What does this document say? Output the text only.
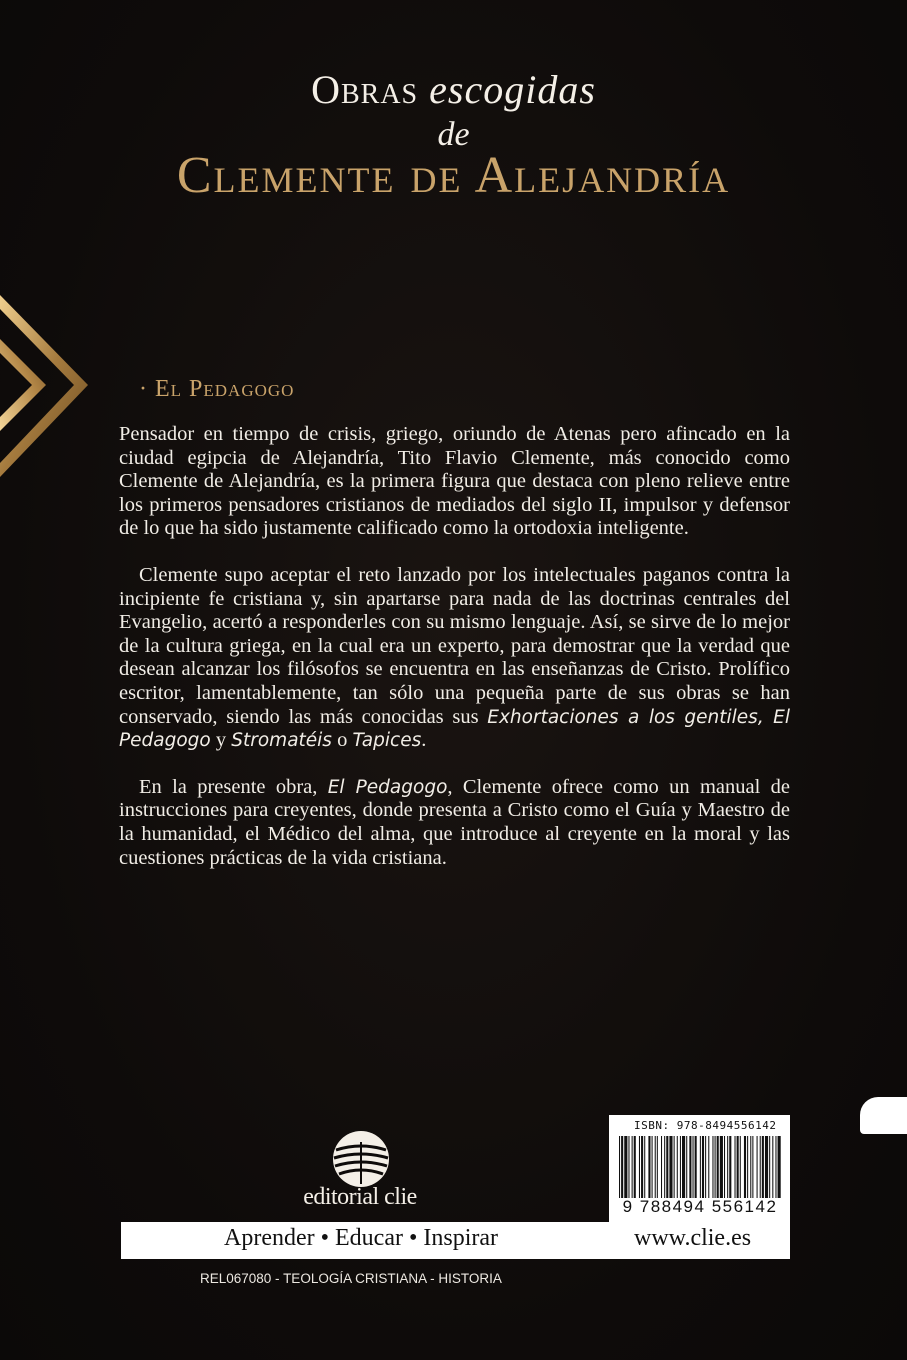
Obras escogidas
de
Clemente de Alejandría
· El Pedagogo

Pensador en tiempo de crisis, griego, oriundo de Atenas pero afincado en la ciudad egipcia de Alejandría, Tito Flavio Clemente, más conocido como Clemente de Alejandría, es la primera figura que destaca con pleno relieve entre los primeros pensadores cristianos de mediados del siglo II, impulsor y defensor de lo que ha sido justamente calificado como la ortodoxia inteligente.

Clemente supo aceptar el reto lanzado por los intelectuales paganos contra la incipiente fe cristiana y, sin apartarse para nada de las doctrinas centrales del Evangelio, acertó a responderles con su mismo lenguaje. Así, se sirve de lo mejor de la cultura griega, en la cual era un experto, para demostrar que la verdad que desean alcanzar los filósofos se encuentra en las enseñanzas de Cristo. Prolífico escritor, lamentablemente, tan sólo una pequeña parte de sus obras se han conservado, siendo las más conocidas sus Exhortaciones a los gentiles, El Pedagogo y Stromatéis o Tapices.

En la presente obra, El Pedagogo, Clemente ofrece como un manual de instrucciones para creyentes, donde presenta a Cristo como el Guía y Maestro de la humanidad, el Médico del alma, que introduce al creyente en la moral y las cuestiones prácticas de la vida cristiana.

editorial clie
Aprender • Educar • Inspirar	www.clie.es
ISBN: 978-8494556142
9 788494 556142
REL067080 - TEOLOGÍA CRISTIANA - HISTORIA
